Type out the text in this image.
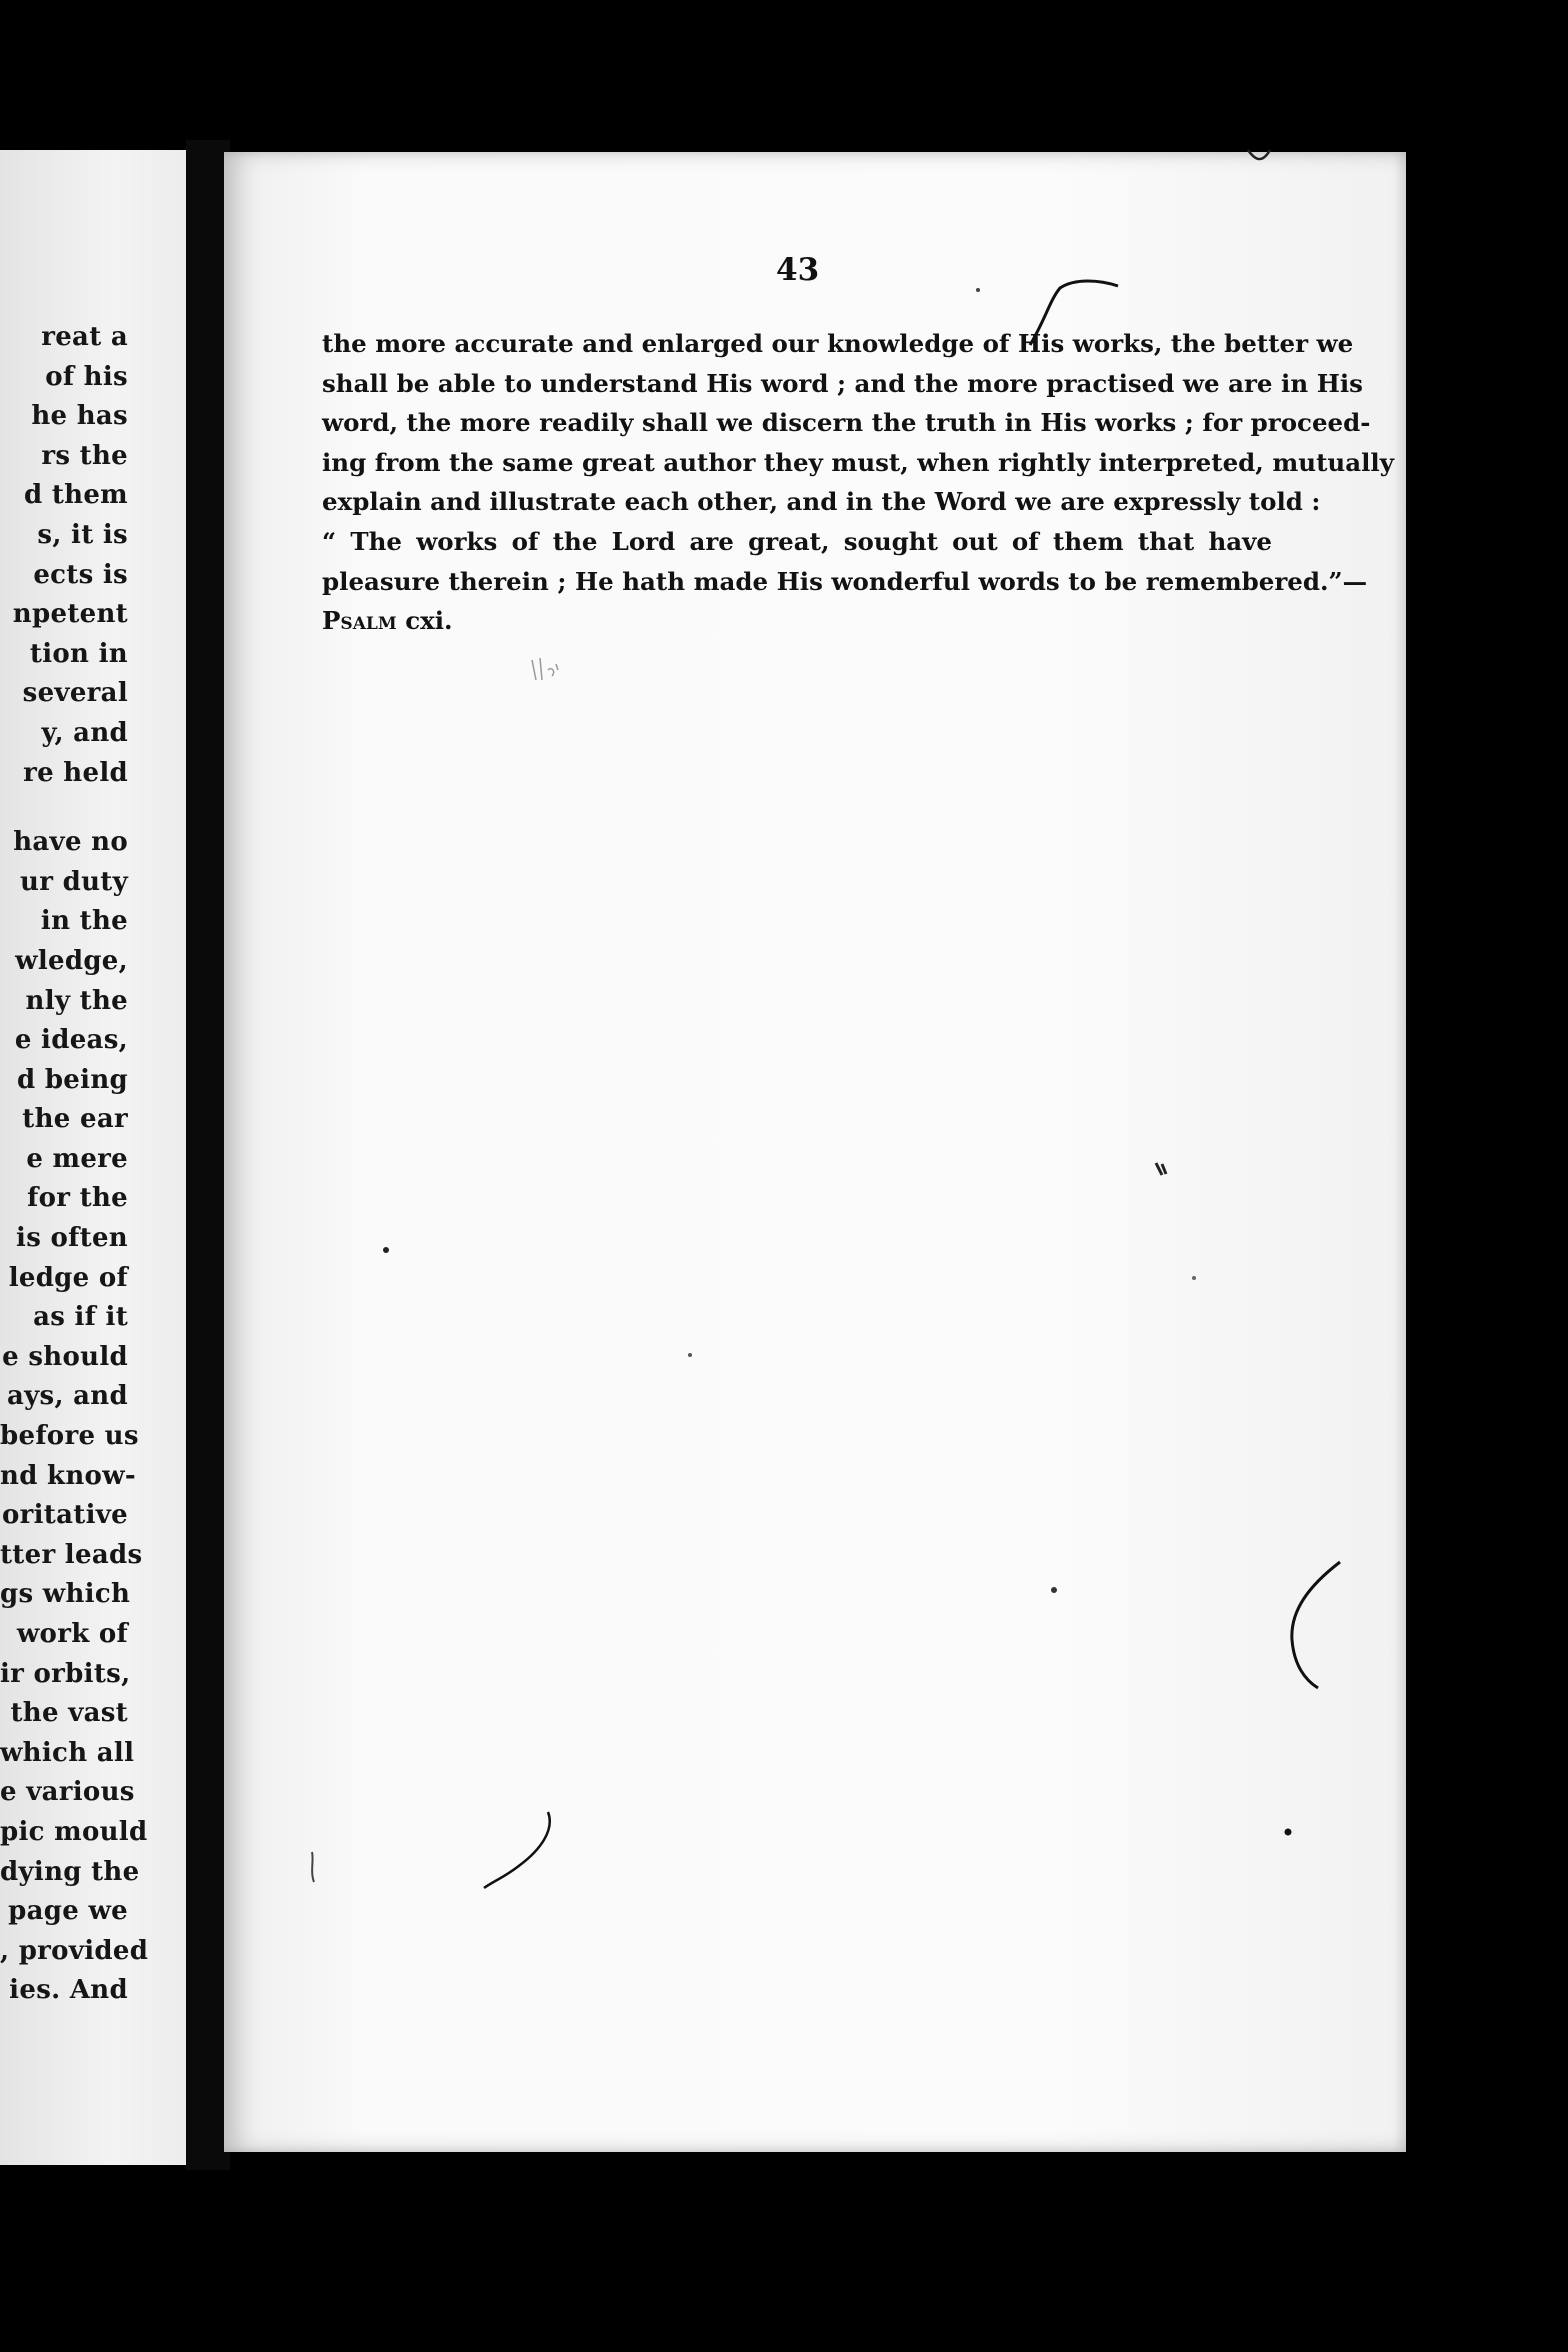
reat a
of his
he has
rs the
d them
s, it is
ects is
npetent
tion in
several
y, and
re held
have no
ur duty
in the
wledge,
nly the
e ideas,
d being
the ear
e mere
for the
is often
ledge of
as if it
e should
ays, and
before us
nd know-
oritative
tter leads
gs which
work of
ir orbits,
the vast
which all
e various
pic mould
dying the
page we
, provided
ies. And
43
the more accurate and enlarged our knowledge of His works, the better we
shall be able to understand His word ; and the more practised we are in His
word, the more readily shall we discern the truth in His works ; for proceed-
ing from the same great author they must, when rightly interpreted, mutually
explain and illustrate each other, and in the Word we are expressly told :
“ The works of the Lord are great, sought out of them that have
pleasure therein ; He hath made His wonderful words to be remembered.”—
Psalm cxi.
